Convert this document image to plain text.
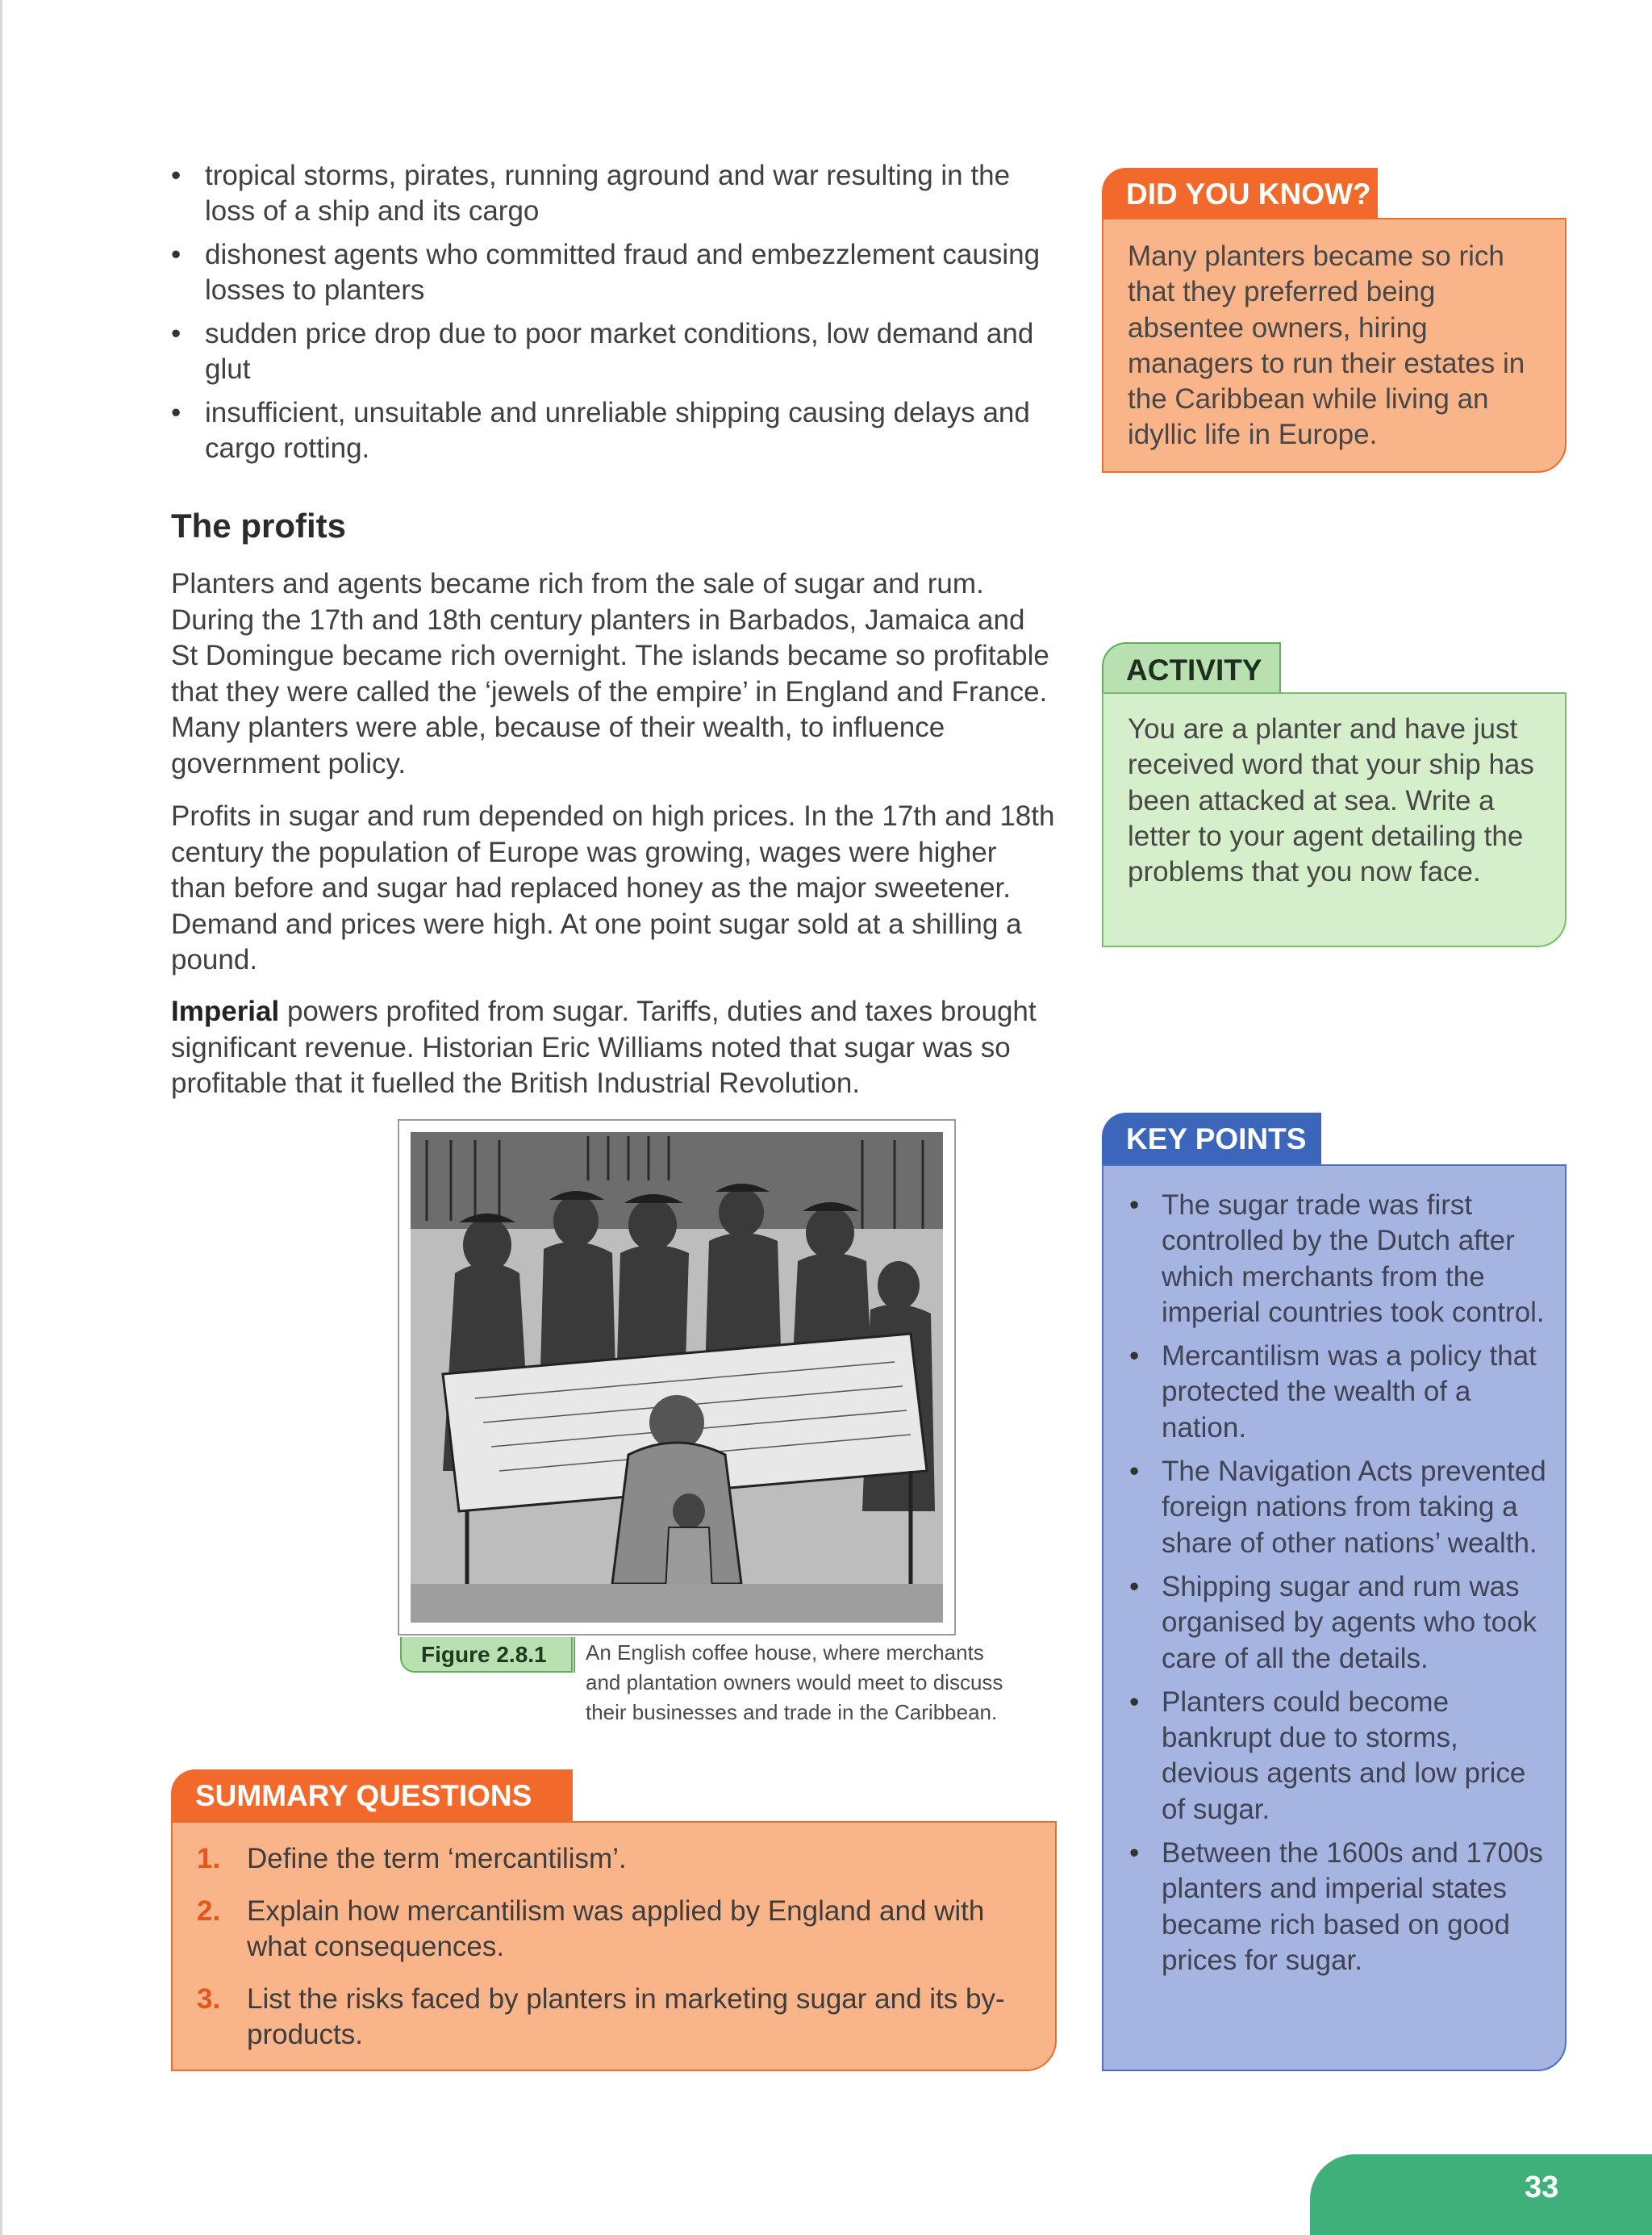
• tropical storms, pirates, running aground and war resulting in the loss of a ship and its cargo
• dishonest agents who committed fraud and embezzlement causing losses to planters
• sudden price drop due to poor market conditions, low demand and glut
• insufficient, unsuitable and unreliable shipping causing delays and cargo rotting.
The profits

Planters and agents became rich from the sale of sugar and rum. During the 17th and 18th century planters in Barbados, Jamaica and St Domingue became rich overnight. The islands became so profitable that they were called the ‘jewels of the empire’ in England and France. Many planters were able, because of their wealth, to influence government policy.

Profits in sugar and rum depended on high prices. In the 17th and 18th century the population of Europe was growing, wages were higher than before and sugar had replaced honey as the major sweetener. Demand and prices were high. At one point sugar sold at a shilling a pound.

Imperial powers profited from sugar. Tariffs, duties and taxes brought significant revenue. Historian Eric Williams noted that sugar was so profitable that it fuelled the British Industrial Revolution.

Figure 2.8.1	An English coffee house, where merchants and plantation owners would meet to discuss their businesses and trade in the Caribbean.

SUMMARY QUESTIONS
1. Define the term ‘mercantilism’.
2. Explain how mercantilism was applied by England and with what consequences.
3. List the risks faced by planters in marketing sugar and its by-products.
DID YOU KNOW?

Many planters became so rich that they preferred being absentee owners, hiring managers to run their estates in the Caribbean while living an idyllic life in Europe.

ACTIVITY

You are a planter and have just received word that your ship has been attacked at sea. Write a letter to your agent detailing the problems that you now face.

KEY POINTS
• The sugar trade was first controlled by the Dutch after which merchants from the imperial countries took control.
• Mercantilism was a policy that protected the wealth of a nation.
• The Navigation Acts prevented foreign nations from taking a share of other nations’ wealth.
• Shipping sugar and rum was organised by agents who took care of all the details.
• Planters could become bankrupt due to storms, devious agents and low price of sugar.
• Between the 1600s and 1700s planters and imperial states became rich based on good prices for sugar.
33
